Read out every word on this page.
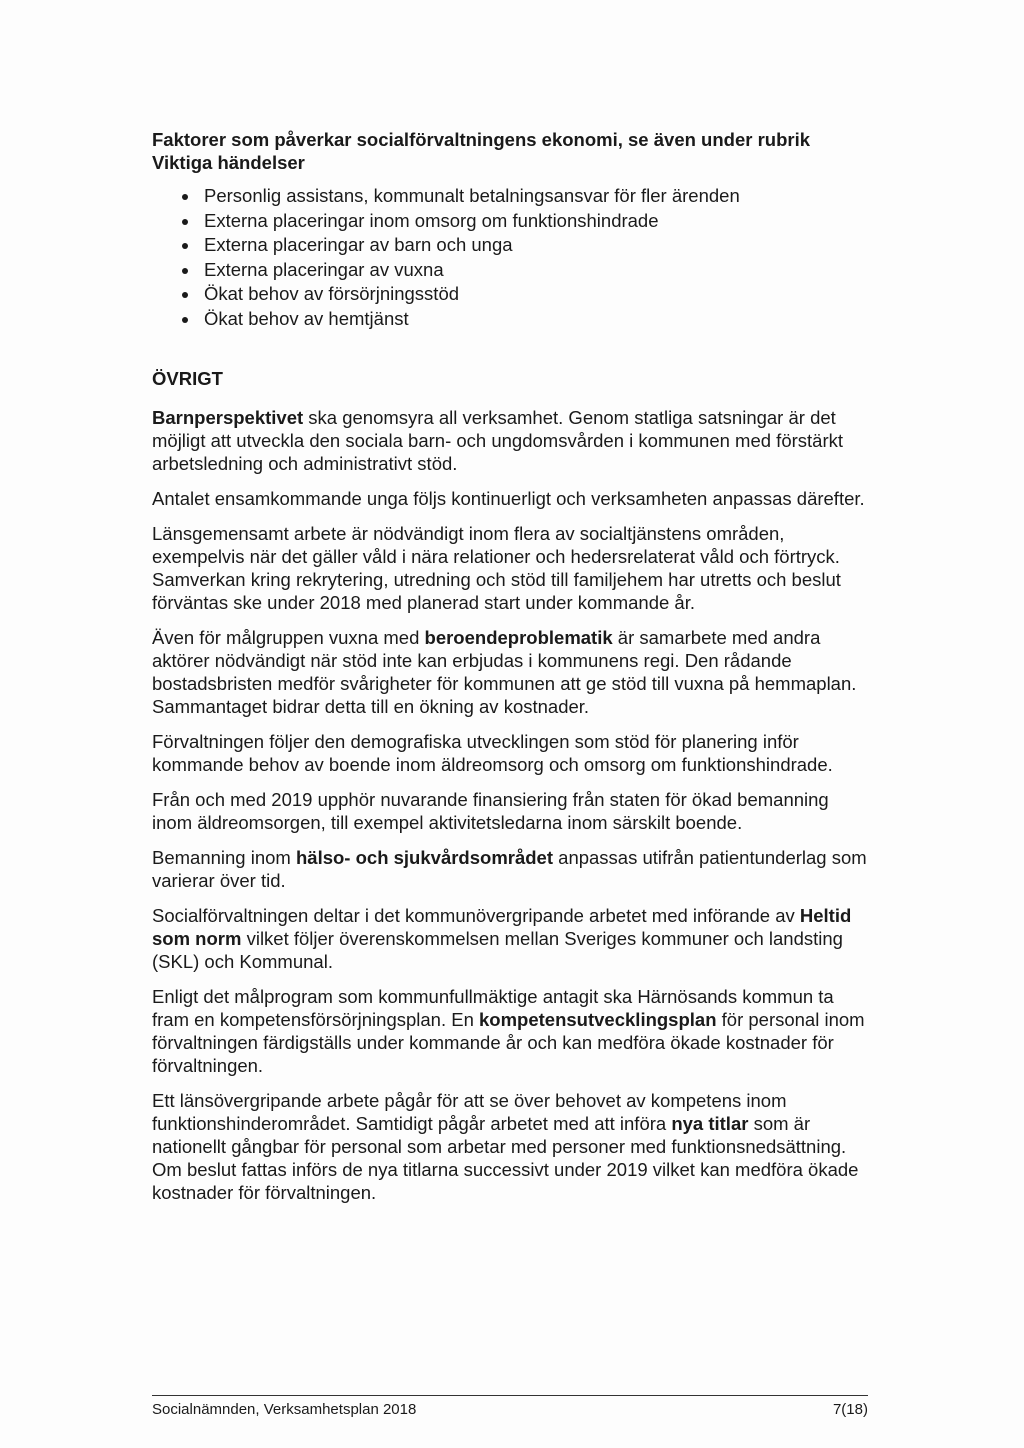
Faktorer som påverkar socialförvaltningens ekonomi, se även under rubrik Viktiga händelser
Personlig assistans, kommunalt betalningsansvar för fler ärenden
Externa placeringar inom omsorg om funktionshindrade
Externa placeringar av barn och unga
Externa placeringar av vuxna
Ökat behov av försörjningsstöd
Ökat behov av hemtjänst
ÖVRIGT

Barnperspektivet ska genomsyra all verksamhet. Genom statliga satsningar är det möjligt att utveckla den sociala barn- och ungdomsvården i kommunen med förstärkt arbetsledning och administrativt stöd.

Antalet ensamkommande unga följs kontinuerligt och verksamheten anpassas därefter.

Länsgemensamt arbete är nödvändigt inom flera av socialtjänstens områden, exempelvis när det gäller våld i nära relationer och hedersrelaterat våld och förtryck. Samverkan kring rekrytering, utredning och stöd till familjehem har utretts och beslut förväntas ske under 2018 med planerad start under kommande år.

Även för målgruppen vuxna med beroendeproblematik är samarbete med andra aktörer nödvändigt när stöd inte kan erbjudas i kommunens regi. Den rådande bostadsbristen medför svårigheter för kommunen att ge stöd till vuxna på hemmaplan. Sammantaget bidrar detta till en ökning av kostnader.

Förvaltningen följer den demografiska utvecklingen som stöd för planering inför kommande behov av boende inom äldreomsorg och omsorg om funktionshindrade.

Från och med 2019 upphör nuvarande finansiering från staten för ökad bemanning inom äldreomsorgen, till exempel aktivitetsledarna inom särskilt boende.

Bemanning inom hälso- och sjukvårdsområdet anpassas utifrån patientunderlag som varierar över tid.

Socialförvaltningen deltar i det kommunövergripande arbetet med införande av Heltid som norm vilket följer överenskommelsen mellan Sveriges kommuner och landsting (SKL) och Kommunal.

Enligt det målprogram som kommunfullmäktige antagit ska Härnösands kommun ta fram en kompetensförsörjningsplan. En kompetensutvecklingsplan för personal inom förvaltningen färdigställs under kommande år och kan medföra ökade kostnader för förvaltningen.

Ett länsövergripande arbete pågår för att se över behovet av kompetens inom funktionshinderområdet. Samtidigt pågår arbetet med att införa nya titlar som är nationellt gångbar för personal som arbetar med personer med funktionsnedsättning. Om beslut fattas införs de nya titlarna successivt under 2019 vilket kan medföra ökade kostnader för förvaltningen.

Socialnämnden, Verksamhetsplan 2018	7(18)
